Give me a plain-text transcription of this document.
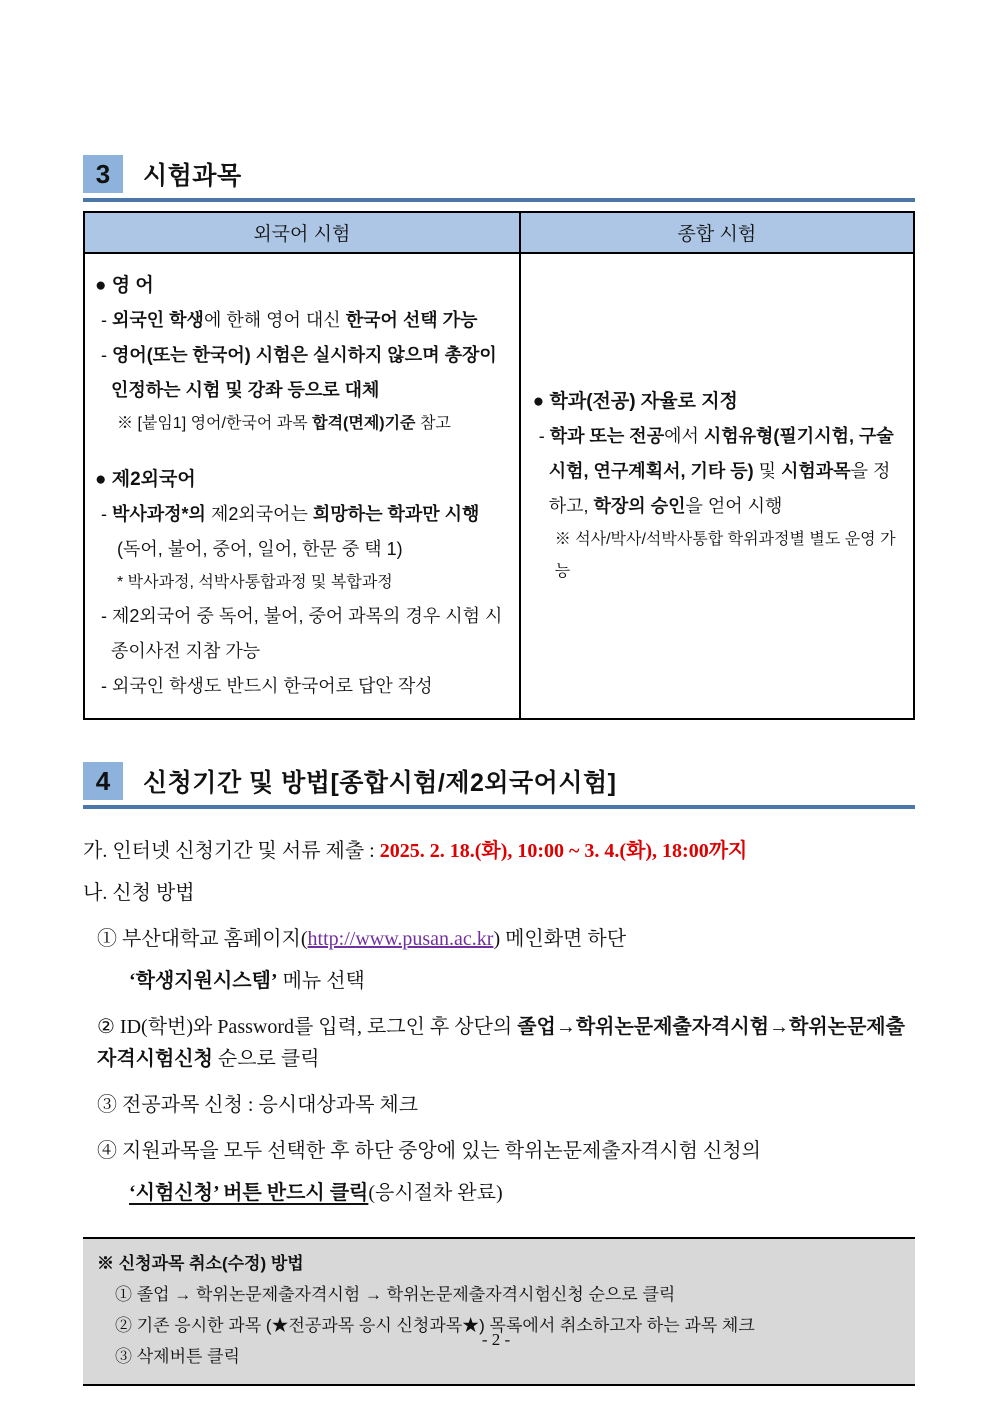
3	시험과목
외국어 시험	종합 시험

● 영 어
- 외국인 학생에 한해 영어 대신 한국어 선택 가능
- 영어(또는 한국어) 시험은 실시하지 않으며 총장이 인정하는 시험 및 강좌 등으로 대체
※ [붙임1] 영어/한국어 과목 합격(면제)기준 참고
● 제2외국어
- 박사과정*의 제2외국어는 희망하는 학과만 시행
(독어, 불어, 중어, 일어, 한문 중 택 1)
* 박사과정, 석박사통합과정 및 복합과정
- 제2외국어 중 독어, 불어, 중어 과목의 경우 시험 시 종이사전 지참 가능
- 외국인 학생도 반드시 한국어로 답안 작성

● 학과(전공) 자율로 지정
- 학과 또는 전공에서 시험유형(필기시험, 구술시험, 연구계획서, 기타 등) 및 시험과목을 정하고, 학장의 승인을 얻어 시행
※ 석사/박사/석박사통합 학위과정별 별도 운영 가능
4	신청기간 및 방법[종합시험/제2외국어시험]
가. 인터넷 신청기간 및 서류 제출 : 2025. 2. 18.(화), 10:00 ~ 3. 4.(화), 18:00까지
나. 신청 방법
① 부산대학교 홈페이지(http://www.pusan.ac.kr) 메인화면 하단
‘학생지원시스템’ 메뉴 선택
② ID(학번)와 Password를 입력, 로그인 후 상단의 졸업→학위논문제출자격시험→학위논문제출자격시험신청 순으로 클릭
③ 전공과목 신청 : 응시대상과목 체크
④ 지원과목을 모두 선택한 후 하단 중앙에 있는 학위논문제출자격시험 신청의
‘시험신청’ 버튼 반드시 클릭(응시절차 완료)
※ 신청과목 취소(수정) 방법
① 졸업 → 학위논문제출자격시험 → 학위논문제출자격시험신청 순으로 클릭
② 기존 응시한 과목 (★전공과목 응시 신청과목★) 목록에서 취소하고자 하는 과목 체크
③ 삭제버튼 클릭
- 2 -
